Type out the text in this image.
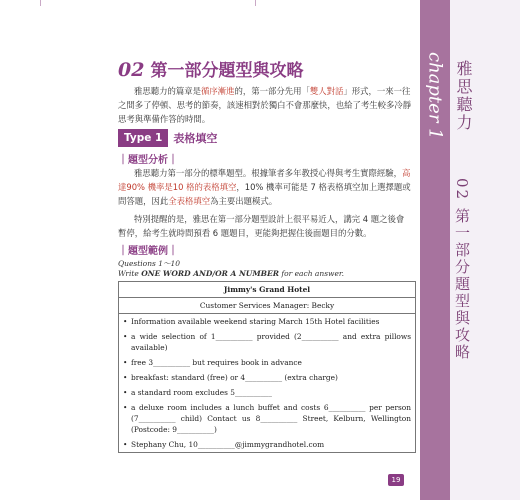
chapter 1 雅思聽力
02 第一部分題型與攻略
02 第一部分題型與攻略
雅思聽力的篇章是循序漸進的，第一部分先用「雙人對話」形式，一來一往之間多了停頓、思考的節奏，該速相對於獨白不會那麼快，也給了考生較多冷靜思考與準備作答的時間。
Type 1	表格填空
｜題型分析｜
雅思聽力第一部分的標準題型。根據筆者多年教授心得與考生實際經驗，高達90% 機率是10 格的表格填空，10% 機率可能是 7 格表格填空加上選擇題或問答題，因此全表格填空為主要出題模式。
特別提醒的是，雅思在第一部分題型設計上很平易近人，講完 4 題之後會暫停，給考生就時間預看 6 題題目，更能夠把握住後面題目的分數。
｜題型範例｜
Questions 1～10
Write ONE WORD AND/OR A NUMBER for each answer.
Jimmy's Grand Hotel
Customer Services Manager: Becky
• Information available weekend staring March 15th Hotel facilities
• a wide selection of 1__________ provided (2__________ and extra pillows available)
• free 3__________ but requires book in advance
• breakfast: standard (free) or 4__________ (extra charge)
• a standard room excludes 5__________
• a deluxe room includes a lunch buffet and costs 6__________ per person (7__________ child) Contact us 8__________ Street, Kelburn, Wellington (Postcode: 9__________)
• Stephany Chu, 10__________@jimmygrandhotel.com
19
